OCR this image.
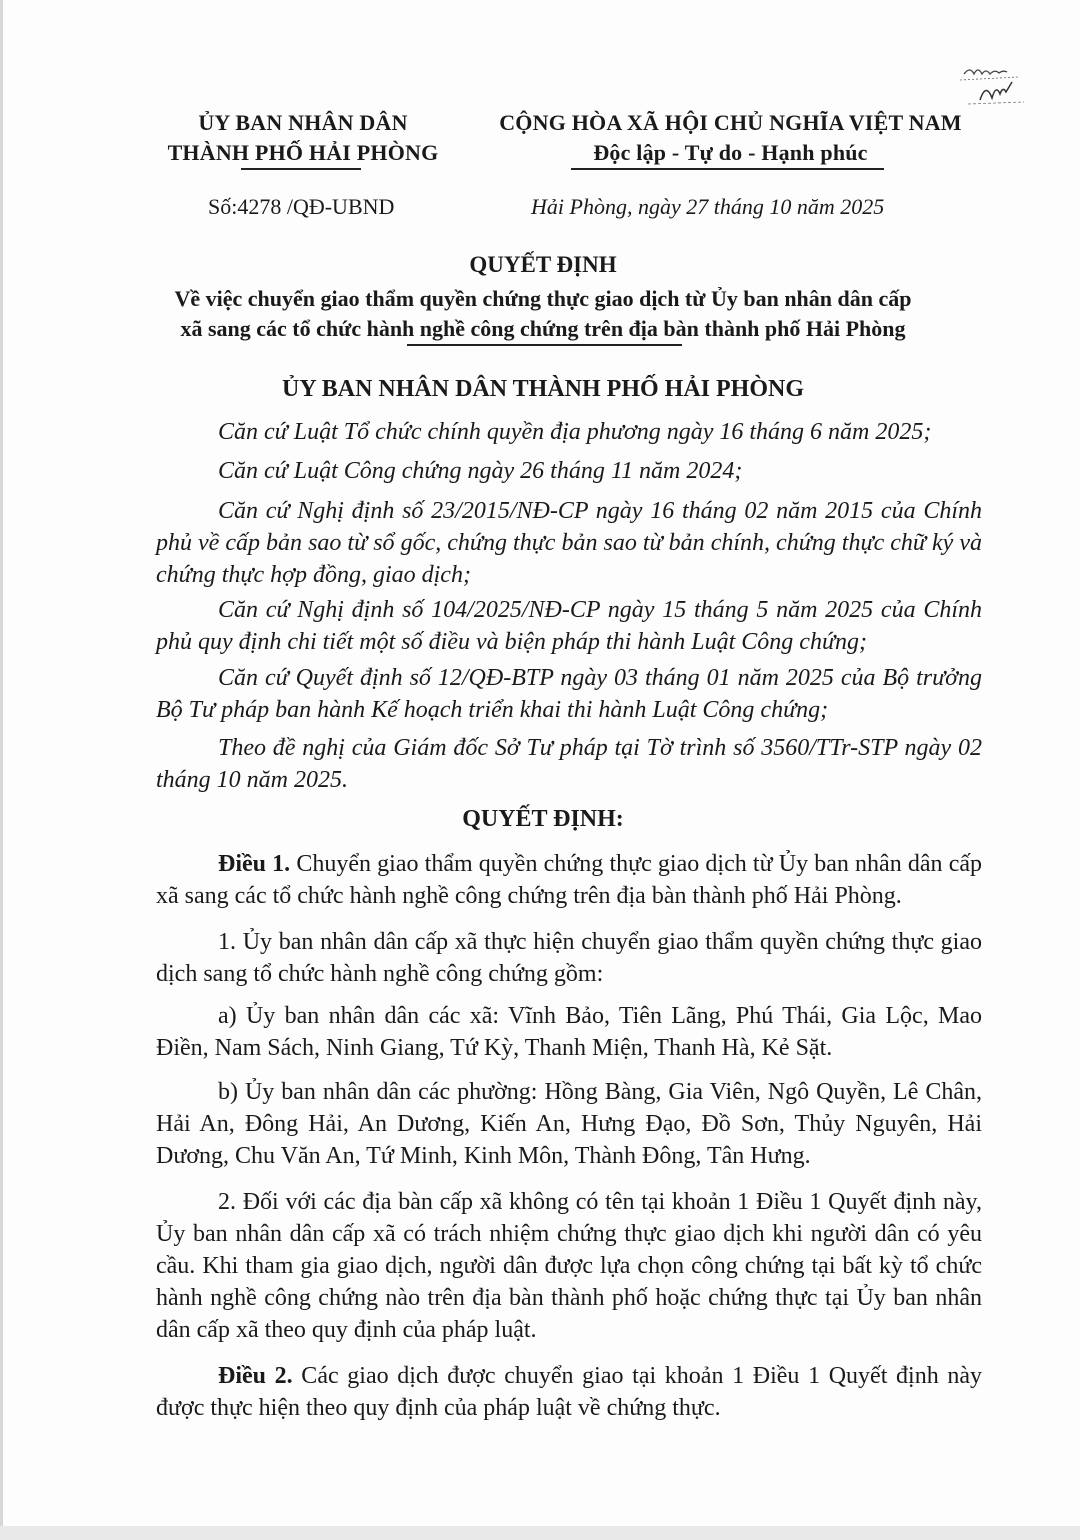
ỦY BAN NHÂN DÂN
THÀNH PHỐ HẢI PHÒNG
CỘNG HÒA XÃ HỘI CHỦ NGHĨA VIỆT NAM
Độc lập - Tự do - Hạnh phúc
Số:4278 /QĐ-UBND	Hải Phòng, ngày 27 tháng 10 năm 2025
QUYẾT ĐỊNH
Về việc chuyển giao thẩm quyền chứng thực giao dịch từ Ủy ban nhân dân cấp
xã sang các tổ chức hành nghề công chứng trên địa bàn thành phố Hải Phòng
ỦY BAN NHÂN DÂN THÀNH PHỐ HẢI PHÒNG
Căn cứ Luật Tổ chức chính quyền địa phương ngày 16 tháng 6 năm 2025;
Căn cứ Luật Công chứng ngày 26 tháng 11 năm 2024;
Căn cứ Nghị định số 23/2015/NĐ-CP ngày 16 tháng 02 năm 2015 của Chính phủ về cấp bản sao từ sổ gốc, chứng thực bản sao từ bản chính, chứng thực chữ ký và chứng thực hợp đồng, giao dịch;
Căn cứ Nghị định số 104/2025/NĐ-CP ngày 15 tháng 5 năm 2025 của Chính phủ quy định chi tiết một số điều và biện pháp thi hành Luật Công chứng;
Căn cứ Quyết định số 12/QĐ-BTP ngày 03 tháng 01 năm 2025 của Bộ trưởng Bộ Tư pháp ban hành Kế hoạch triển khai thi hành Luật Công chứng;
Theo đề nghị của Giám đốc Sở Tư pháp tại Tờ trình số 3560/TTr-STP ngày 02 tháng 10 năm 2025.
QUYẾT ĐỊNH:
Điều 1. Chuyển giao thẩm quyền chứng thực giao dịch từ Ủy ban nhân dân cấp xã sang các tổ chức hành nghề công chứng trên địa bàn thành phố Hải Phòng.
1. Ủy ban nhân dân cấp xã thực hiện chuyển giao thẩm quyền chứng thực giao dịch sang tổ chức hành nghề công chứng gồm:
a) Ủy ban nhân dân các xã: Vĩnh Bảo, Tiên Lãng, Phú Thái, Gia Lộc, Mao Điền, Nam Sách, Ninh Giang, Tứ Kỳ, Thanh Miện, Thanh Hà, Kẻ Sặt.
b) Ủy ban nhân dân các phường: Hồng Bàng, Gia Viên, Ngô Quyền, Lê Chân, Hải An, Đông Hải, An Dương, Kiến An, Hưng Đạo, Đồ Sơn, Thủy Nguyên, Hải Dương, Chu Văn An, Tứ Minh, Kinh Môn, Thành Đông, Tân Hưng.
2. Đối với các địa bàn cấp xã không có tên tại khoản 1 Điều 1 Quyết định này, Ủy ban nhân dân cấp xã có trách nhiệm chứng thực giao dịch khi người dân có yêu cầu. Khi tham gia giao dịch, người dân được lựa chọn công chứng tại bất kỳ tổ chức hành nghề công chứng nào trên địa bàn thành phố hoặc chứng thực tại Ủy ban nhân dân cấp xã theo quy định của pháp luật.
Điều 2. Các giao dịch được chuyển giao tại khoản 1 Điều 1 Quyết định này được thực hiện theo quy định của pháp luật về chứng thực.
